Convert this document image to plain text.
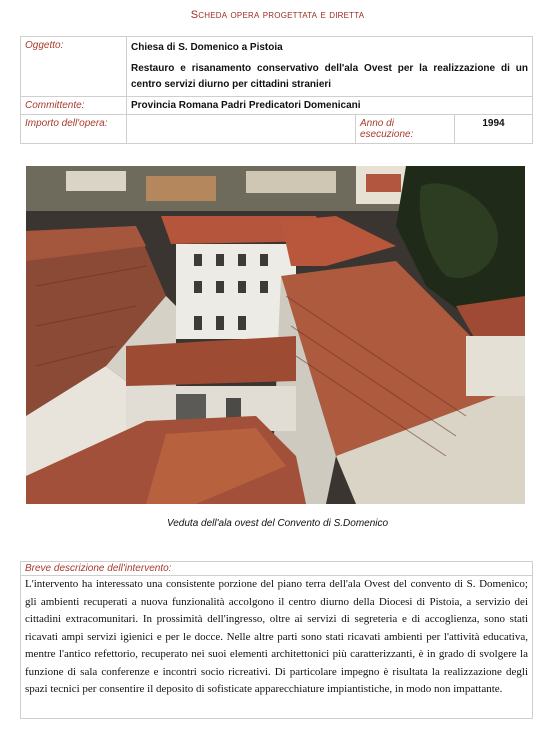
Scheda opera progettata e diretta
Oggetto:	Chiesa di S. Domenico a Pistoia

Restauro e risanamento conservativo dell'ala Ovest per la realizzazione di un centro servizi diurno per cittadini stranieri		

Committente:	Provincia Romana Padri Predicatori Domenicani		
Importo dell'opera:		Anno di esecuzione:	1994
Veduta dell'ala ovest del Convento di S.Domenico
Breve descrizione dell'intervento:

L'intervento ha interessato una consistente porzione del piano terra dell'ala Ovest del convento di S. Domenico; gli ambienti recuperati a nuova funzionalità accolgono il centro diurno della Diocesi di Pistoia, a servizio dei cittadini extracomunitari. In prossimità dell'ingresso, oltre ai servizi di segreteria e di accoglienza, sono stati ricavati ampi servizi igienici e per le docce. Nelle altre parti sono stati ricavati ambienti per l'attività educativa, mentre l'antico refettorio, recuperato nei suoi elementi architettonici più caratterizzanti, è in grado di svolgere la funzione di sala conferenze e incontri socio ricreativi. Di particolare impegno è risultata la realizzazione degli spazi tecnici per consentire il deposito di sofisticate apparecchiature impiantistiche, in modo non impattante.
